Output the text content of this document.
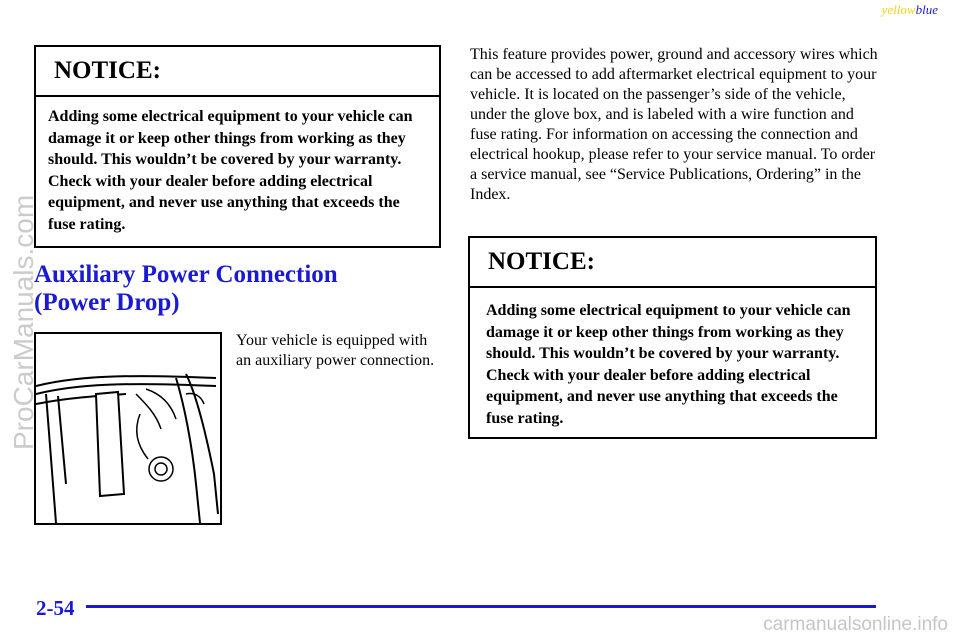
yellowblue
NOTICE:

Adding some electrical equipment to your vehicle can damage it or keep other things from working as they should. This wouldn’t be covered by your warranty. Check with your dealer before adding electrical equipment, and never use anything that exceeds the fuse rating.

Auxiliary Power Connection (Power Drop)

Your vehicle is equipped with an auxiliary power connection.

This feature provides power, ground and accessory wires which can be accessed to add aftermarket electrical equipment to your vehicle. It is located on the passenger’s side of the vehicle, under the glove box, and is labeled with a wire function and fuse rating. For information on accessing the connection and electrical hookup, please refer to your service manual. To order a service manual, see “Service Publications, Ordering” in the Index.

NOTICE:

Adding some electrical equipment to your vehicle can damage it or keep other things from working as they should. This wouldn’t be covered by your warranty. Check with your dealer before adding electrical equipment, and never use anything that exceeds the fuse rating.

2-54
ProCarManuals.com
carmanualsonline.info
